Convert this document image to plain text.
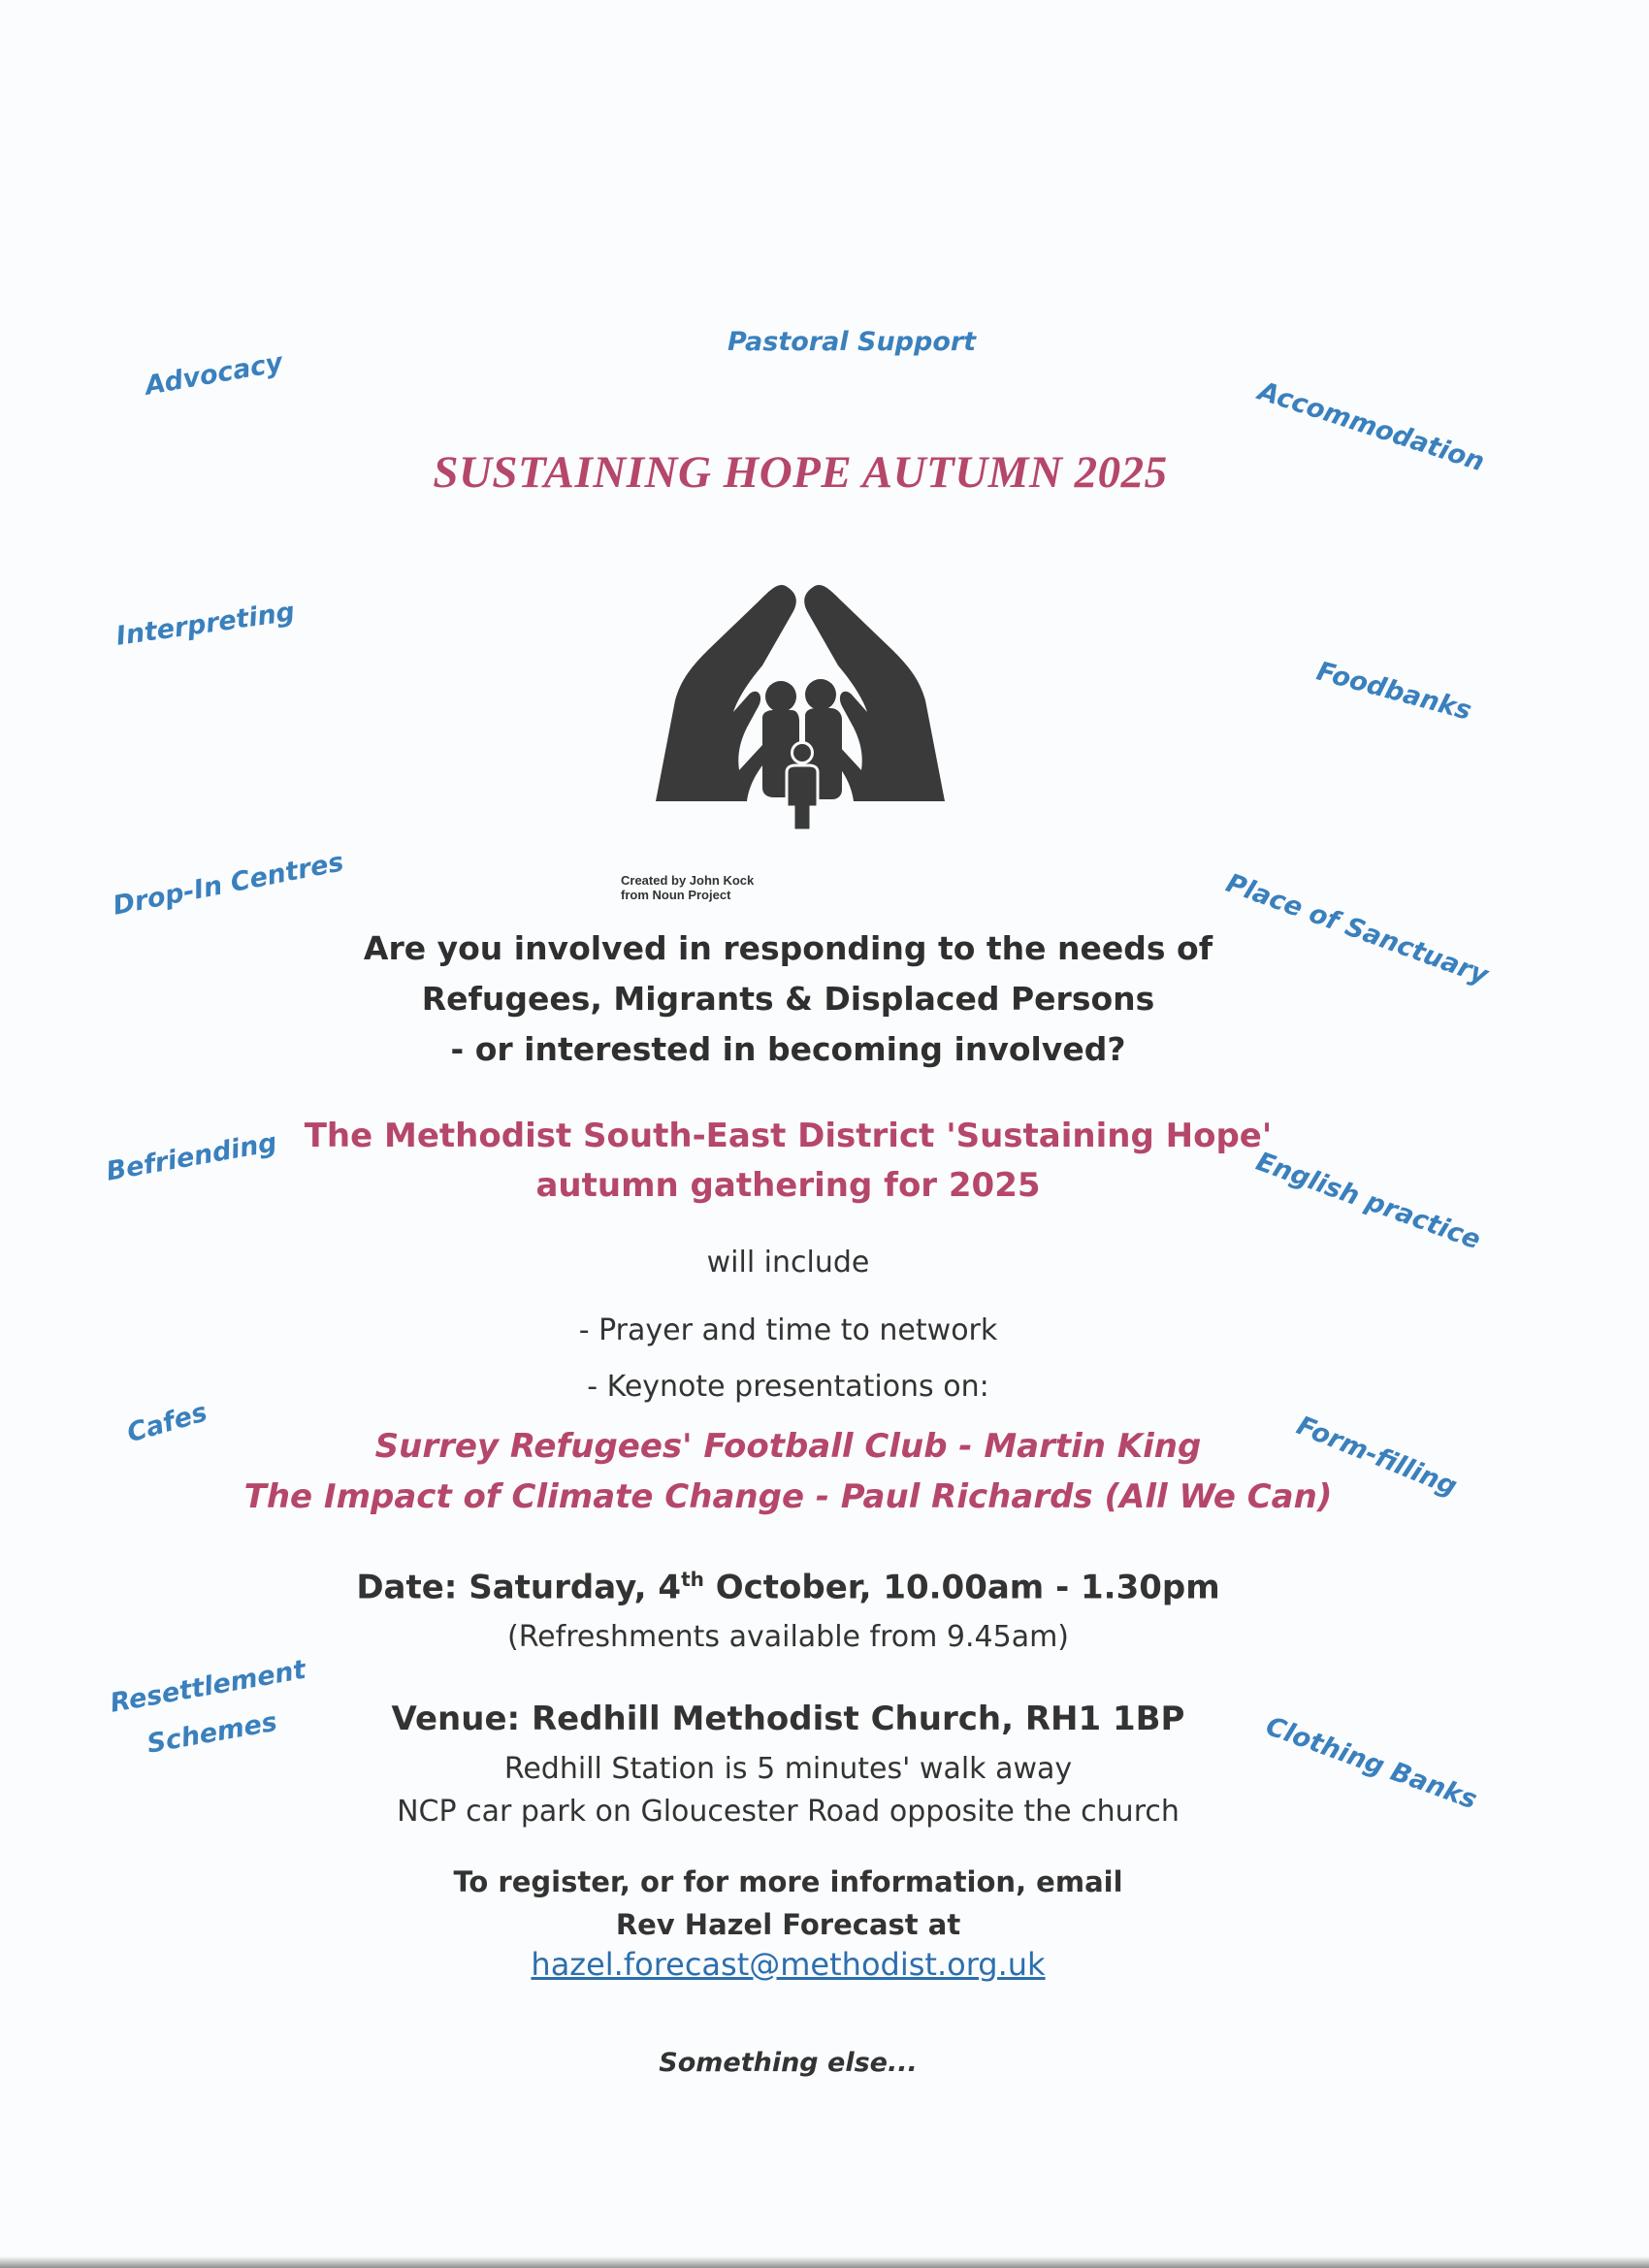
Pastoral Support
Advocacy
Accommodation
Interpreting
Foodbanks
Drop-In Centres	Place of Sanctuary
Befriending	English practice
Cafes	Form-filling
Resettlement
Schemes	Clothing Banks
SUSTAINING HOPE AUTUMN 2025
Created by John Kock
from Noun Project
Are you involved in responding to the needs of
Refugees, Migrants & Displaced Persons
- or interested in becoming involved?
The Methodist South-East District 'Sustaining Hope'
autumn gathering for 2025
will include
- Prayer and time to network
- Keynote presentations on:
Surrey Refugees' Football Club - Martin King
The Impact of Climate Change - Paul Richards (All We Can)
Date: Saturday, 4th October, 10.00am - 1.30pm
(Refreshments available from 9.45am)
Venue: Redhill Methodist Church, RH1 1BP
Redhill Station is 5 minutes' walk away
NCP car park on Gloucester Road opposite the church
To register, or for more information, email
Rev Hazel Forecast at
hazel.forecast@methodist.org.uk
Something else...
